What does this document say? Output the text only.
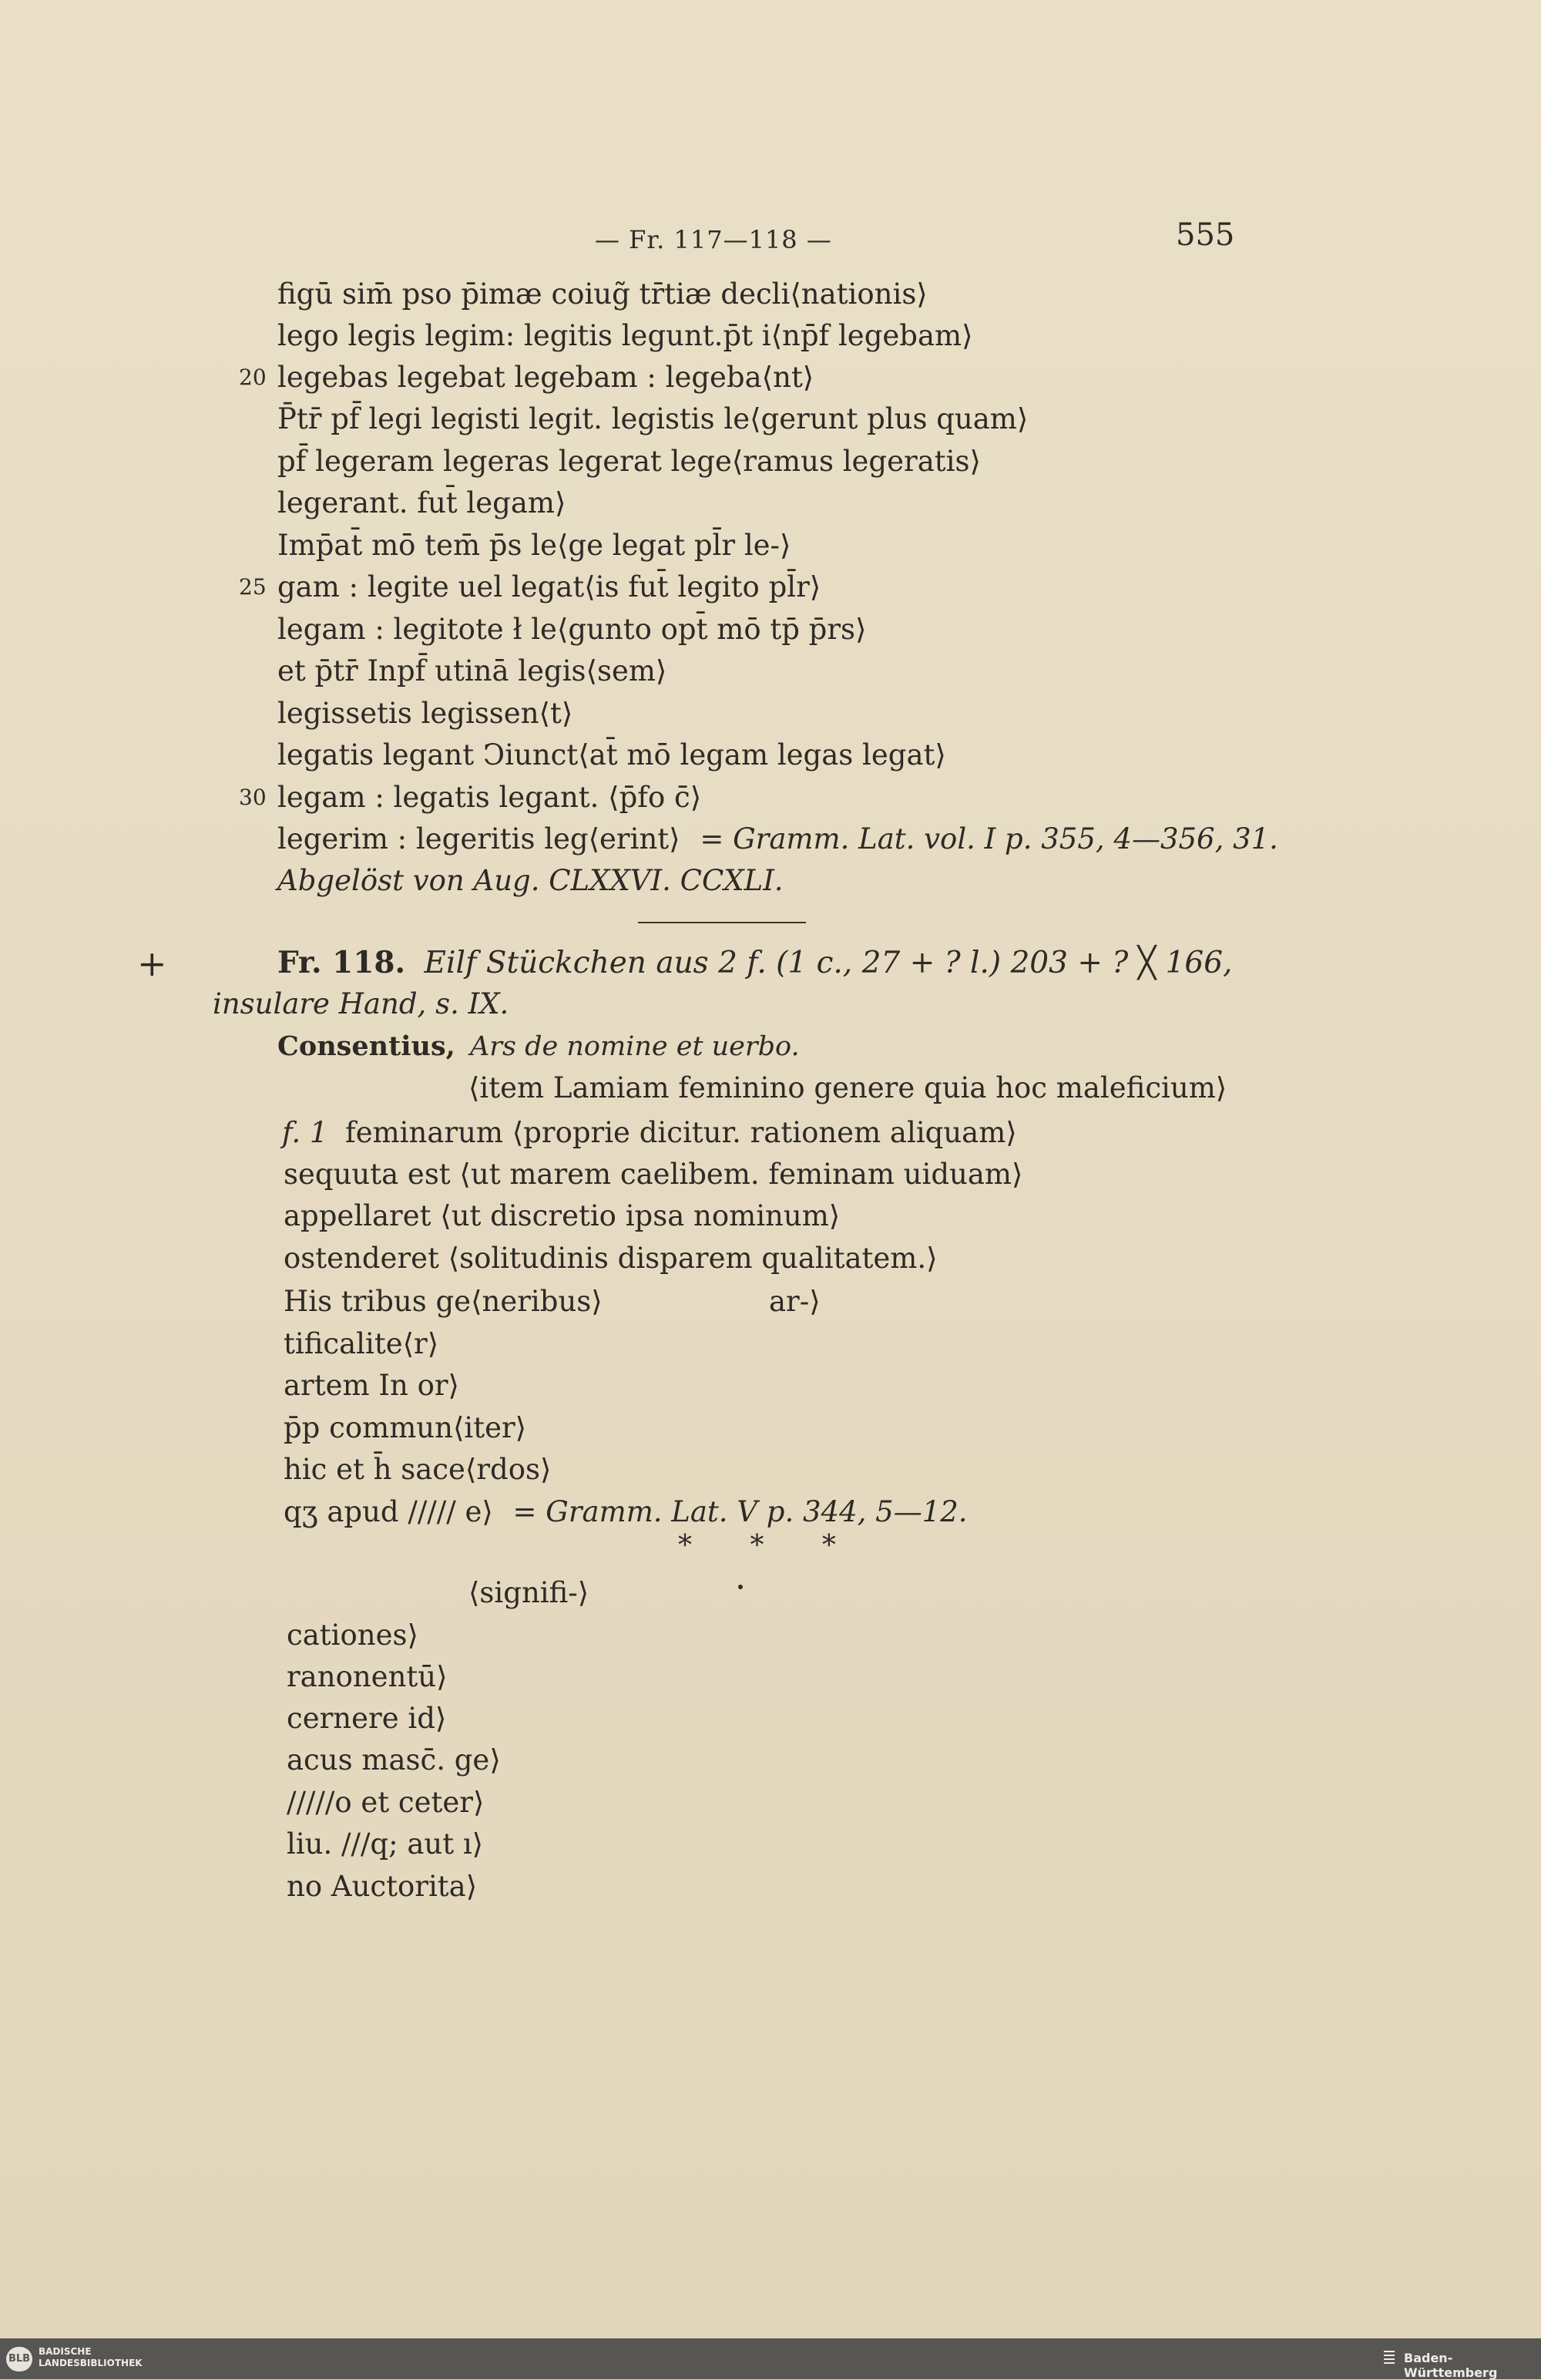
— Fr. 117—118 —	555
figū sim̄ pso p̄imæ coiug̃ tr̄tiæ decli⟨nationis⟩
lego legis legim: legitis legunt.p̄t i⟨np̄f legebam⟩
20 legebas legebat legebam : legeba⟨nt⟩
P̄tr̄ pf̄ legi legisti legit. legistis le⟨gerunt plus quam⟩
pf̄ legeram legeras legerat lege⟨ramus legeratis⟩
legerant. fut̄ legam⟩
Imp̄at̄ mō tem̄ p̄s le⟨ge legat pl̄r le-⟩
25 gam : legite uel legat⟨is fut̄ legito pl̄r⟩
legam : legitote ł le⟨gunto opt̄ mō tp̄ p̄rs⟩
et p̄tr̄ Inpf̄ utinā legis⟨sem⟩
legissetis legissen⟨t⟩
legatis legant Ↄiunct⟨at̄ mō legam legas legat⟩
30 legam : legatis legant. ⟨p̄fo c̄⟩
legerim : legeritis leg⟨erint⟩ = Gramm. Lat. vol. I p. 355, 4—356, 31.
Abgelöst von Aug. CLXXVI. CCXLI.
+	Fr. 118. Eilf Stückchen aus 2 f. (1 c., 27 + ? l.) 203 + ? ╳ 166,
insulare Hand, s. IX.
Consentius, Ars de nomine et uerbo.
⟨item Lamiam feminino genere quia hoc maleficium⟩
f. 1 feminarum ⟨proprie dicitur. rationem aliquam⟩
sequuta est ⟨ut marem caelibem. feminam uiduam⟩
appellaret ⟨ut discretio ipsa nominum⟩
ostenderet ⟨solitudinis disparem qualitatem.⟩
His tribus ge⟨neribus⟩	ar-⟩
tificalite⟨r⟩
artem In or⟩
p̄p commun⟨iter⟩
hic et h̄ sace⟨rdos⟩
qʒ apud ///// e⟩ = Gramm. Lat. V p. 344, 5—12.
* * *
⟨signifi-⟩
cationes⟩
ranonentū⟩
cernere id⟩
acus masc̄. ge⟩
/////o et ceter⟩
liu. ///q; aut ı⟩
no Auctorita⟩
BLB
BADISCHE
LANDESBIBLIOTHEK	Baden-Württemberg
